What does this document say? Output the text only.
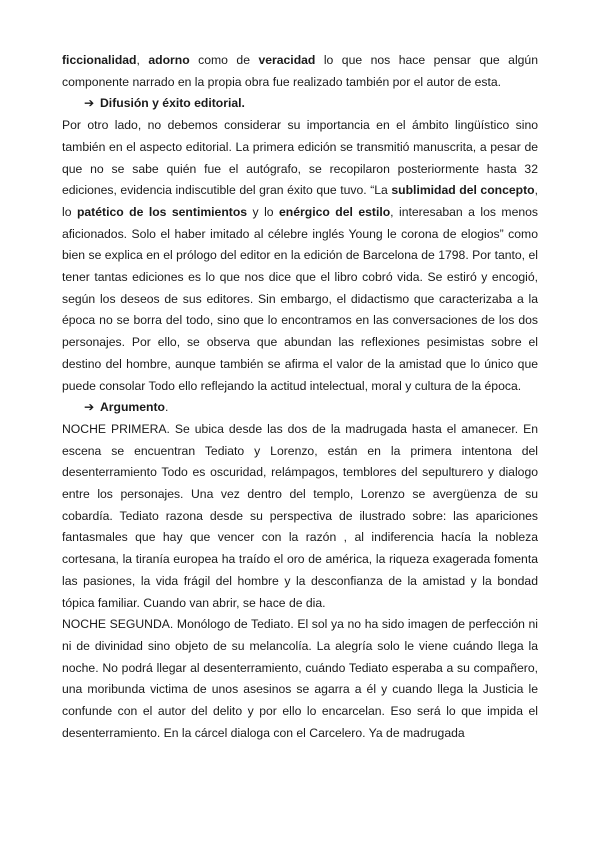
ficcionalidad, adorno como de veracidad lo que nos hace pensar que algún componente narrado en la propia obra fue realizado también por el autor de esta.

➔ Difusión y éxito editorial.

Por otro lado, no debemos considerar su importancia en el ámbito lingüístico sino también en el aspecto editorial. La primera edición se transmitió manuscrita, a pesar de que no se sabe quién fue el autógrafo, se recopilaron posteriormente hasta 32 ediciones, evidencia indiscutible del gran éxito que tuvo. “La sublimidad del concepto, lo patético de los sentimientos y lo enérgico del estilo, interesaban a los menos aficionados. Solo el haber imitado al célebre inglés Young le corona de elogios” como bien se explica en el prólogo del editor en la edición de Barcelona de 1798. Por tanto, el tener tantas ediciones es lo que nos dice que el libro cobró vida. Se estiró y encogió, según los deseos de sus editores. Sin embargo, el didactismo que caracterizaba a la época no se borra del todo, sino que lo encontramos en las conversaciones de los dos personajes. Por ello, se observa que abundan las reflexiones pesimistas sobre el destino del hombre, aunque también se afirma el valor de la amistad que lo único que puede consolar Todo ello reflejando la actitud intelectual, moral y cultura de la época.

➔ Argumento.

NOCHE PRIMERA. Se ubica desde las dos de la madrugada hasta el amanecer. En escena se encuentran Tediato y Lorenzo, están en la primera intentona del desenterramiento Todo es oscuridad, relámpagos, temblores del sepulturero y dialogo entre los personajes. Una vez dentro del templo, Lorenzo se avergüenza de su cobardía. Tediato razona desde su perspectiva de ilustrado sobre: las apariciones fantasmales que hay que vencer con la razón , al indiferencia hacía la nobleza cortesana, la tiranía europea ha traído el oro de américa, la riqueza exagerada fomenta las pasiones, la vida frágil del hombre y la desconfianza de la amistad y la bondad tópica familiar. Cuando van abrir, se hace de dia.

NOCHE SEGUNDA. Monólogo de Tediato. El sol ya no ha sido imagen de perfección ni ni de divinidad sino objeto de su melancolía. La alegría solo le viene cuándo llega la noche. No podrá llegar al desenterramiento, cuándo Tediato esperaba a su compañero, una moribunda victima de unos asesinos se agarra a él y cuando llega la Justicia le confunde con el autor del delito y por ello lo encarcelan. Eso será lo que impida el desenterramiento. En la cárcel dialoga con el Carcelero. Ya de madrugada
